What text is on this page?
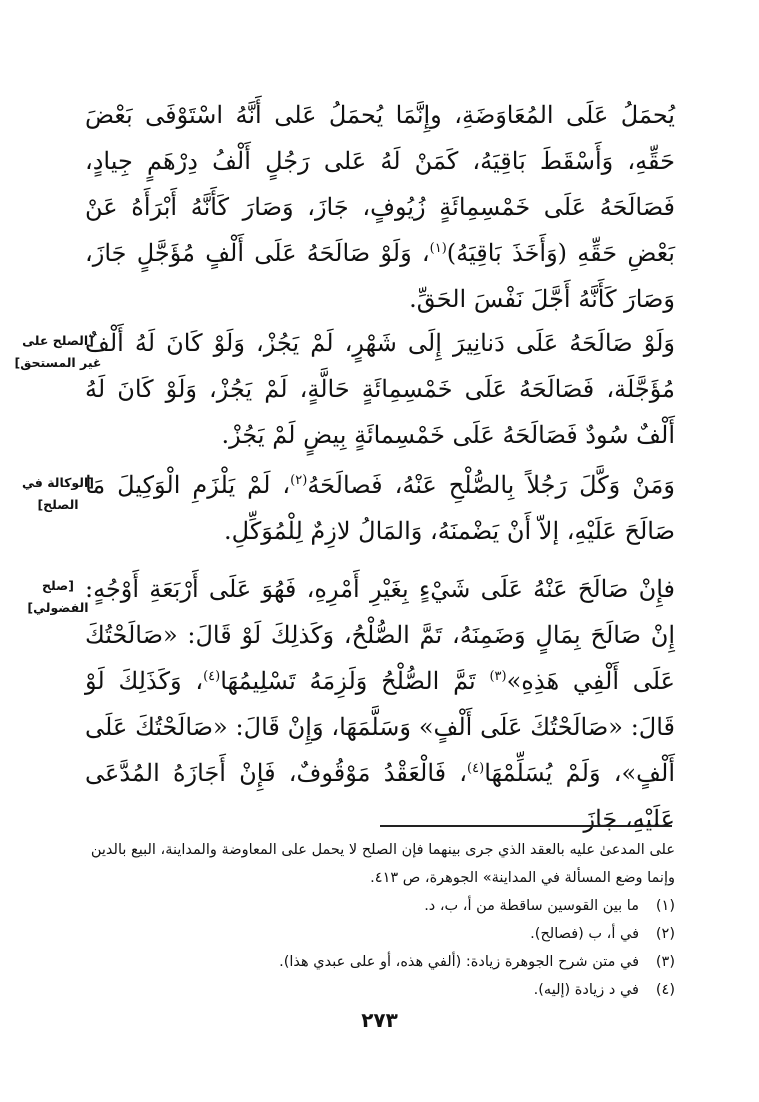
يُحمَلُ عَلَى المُعَاوَضَةِ، وإِنَّمَا يُحمَلُ عَلى أَنَّهُ اسْتَوْفَى بَعْضَ حَقِّهِ، وَأَسْقَطَ بَاقِيَهُ، كَمَنْ لَهُ عَلى رَجُلٍ أَلْفُ دِرْهَمٍ جِيادٍ، فَصَالَحَهُ عَلَى خَمْسِمِائَةٍ زُيُوفٍ، جَازَ، وَصَارَ كَأَنَّهُ أَبْرَأَهُ عَنْ بَعْضِ حَقِّهِ (وَأَخَذَ بَاقِيَهُ)$^{(١)}$، وَلَوْ صَالَحَهُ عَلَى أَلْفٍ مُؤَجَّلٍ جَازَ، وَصَارَ كَأَنَّهُ أَجَّلَ نَفْسَ الحَقِّ.
وَلَوْ صَالَحَهُ عَلَى دَنانِيرَ إِلَى شَهْرٍ، لَمْ يَجُزْ، وَلَوْ كَانَ لَهُ أَلْفٌ مُؤَجَّلَة، فَصَالَحَهُ عَلَى خَمْسِمِائَةٍ حَالَّةٍ، لَمْ يَجُزْ، وَلَوْ كَانَ لَهُ أَلْفٌ سُودٌ فَصَالَحَهُ عَلَى خَمْسِمائَةٍ بِيضٍ لَمْ يَجُزْ.
وَمَنْ وَكَّلَ رَجُلاً بِالصُّلْحِ عَنْهُ، فَصالَحَهُ$^{(٢)}$، لَمْ يَلْزَمِ الْوَكِيلَ مَا صَالَحَ عَلَيْهِ، إلاّ أَنْ يَضْمنَهُ، وَالمَالُ لازِمٌ لِلْمُوَكِّلِ.
فإِنْ صَالَحَ عَنْهُ عَلَى شَيْءٍ بِغَيْرِ أَمْرِهِ، فَهُوَ عَلَى أَرْبَعَةِ أَوْجُهٍ: إِنْ صَالَحَ بِمَالٍ وَضَمِنَهُ، تَمَّ الصُّلْحُ، وَكَذلِكَ لَوْ قَالَ: «صَالَحْتُكَ عَلَى أَلْفِي هَذِهِ»$^{(٣)}$ تَمَّ الصُّلْحُ وَلَزِمَهُ تَسْلِيمُهَا$^{(٤)}$، وَكَذَلِكَ لَوْ قَالَ: «صَالَحْتُكَ عَلَى أَلْفٍ» وَسَلَّمَهَا، وَإِنْ قَالَ: «صَالَحْتُكَ عَلَى أَلْفٍ»، وَلَمْ يُسَلِّمْهَا$^{(٤)}$، فَالْعَقْدُ مَوْقُوفٌ، فَإِنْ أَجَازَهُ المُدَّعَى عَلَيْهِ، جَازَ
[الصلح على غير المستحق]
[الوكالة في الصلح]
[صلح الفضولي]
على المدعىٰ عليه بالعقد الذي جرى بينهما فإن الصلح لا يحمل على المعاوضة والمداينة، البيع بالدين وإنما وضع المسألة في المداينة» الجوهرة، ص ٤١٣.
(١)ما بين القوسين ساقطة من أ، ب، د.
(٢)في أ، ب (فصالح).
(٣)في متن شرح الجوهرة زيادة: (ألفي هذه، أو على عبدي هذا).
(٤)في د زيادة (إليه).
٢٧٣
